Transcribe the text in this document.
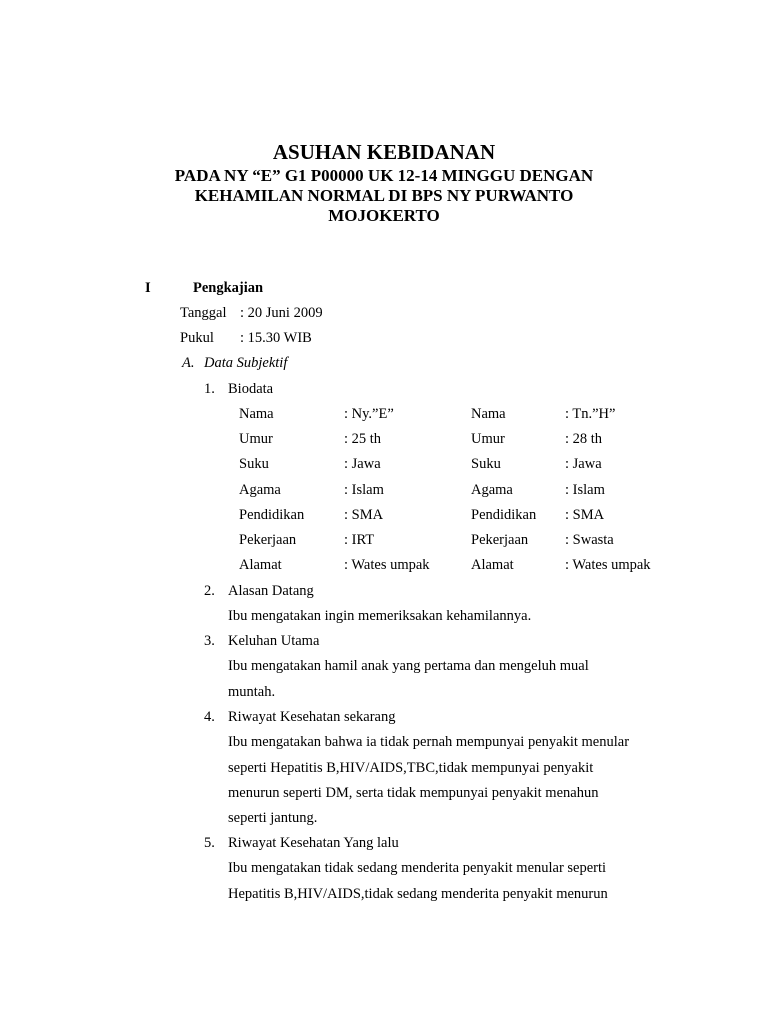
ASUHAN KEBIDANAN
PADA NY “E” G1 P00000 UK 12-14 MINGGU DENGAN
KEHAMILAN NORMAL DI BPS NY PURWANTO
MOJOKERTO
I	Pengkajian
Tanggal : 20 Juni 2009
Pukul : 15.30 WIB
A. Data Subjektif
1. Biodata
Nama	: Ny.”E”	Nama	: Tn.”H”
Umur	: 25 th	Umur	: 28 th
Suku	: Jawa	Suku	: Jawa
Agama	: Islam	Agama	: Islam
Pendidikan	: SMA	Pendidikan : SMA
Pekerjaan	: IRT	Pekerjaan	: Swasta
Alamat	: Wates umpak	Alamat	: Wates umpak
2. Alasan Datang
Ibu mengatakan ingin memeriksakan kehamilannya.
3. Keluhan Utama
Ibu mengatakan hamil anak yang pertama dan mengeluh mual
muntah.
4. Riwayat Kesehatan sekarang
Ibu mengatakan bahwa ia tidak pernah mempunyai penyakit menular
seperti Hepatitis B,HIV/AIDS,TBC,tidak mempunyai penyakit
menurun seperti DM, serta tidak mempunyai penyakit menahun
seperti jantung.
5. Riwayat Kesehatan Yang lalu
Ibu mengatakan tidak sedang menderita penyakit menular seperti
Hepatitis B,HIV/AIDS,tidak sedang menderita penyakit menurun
